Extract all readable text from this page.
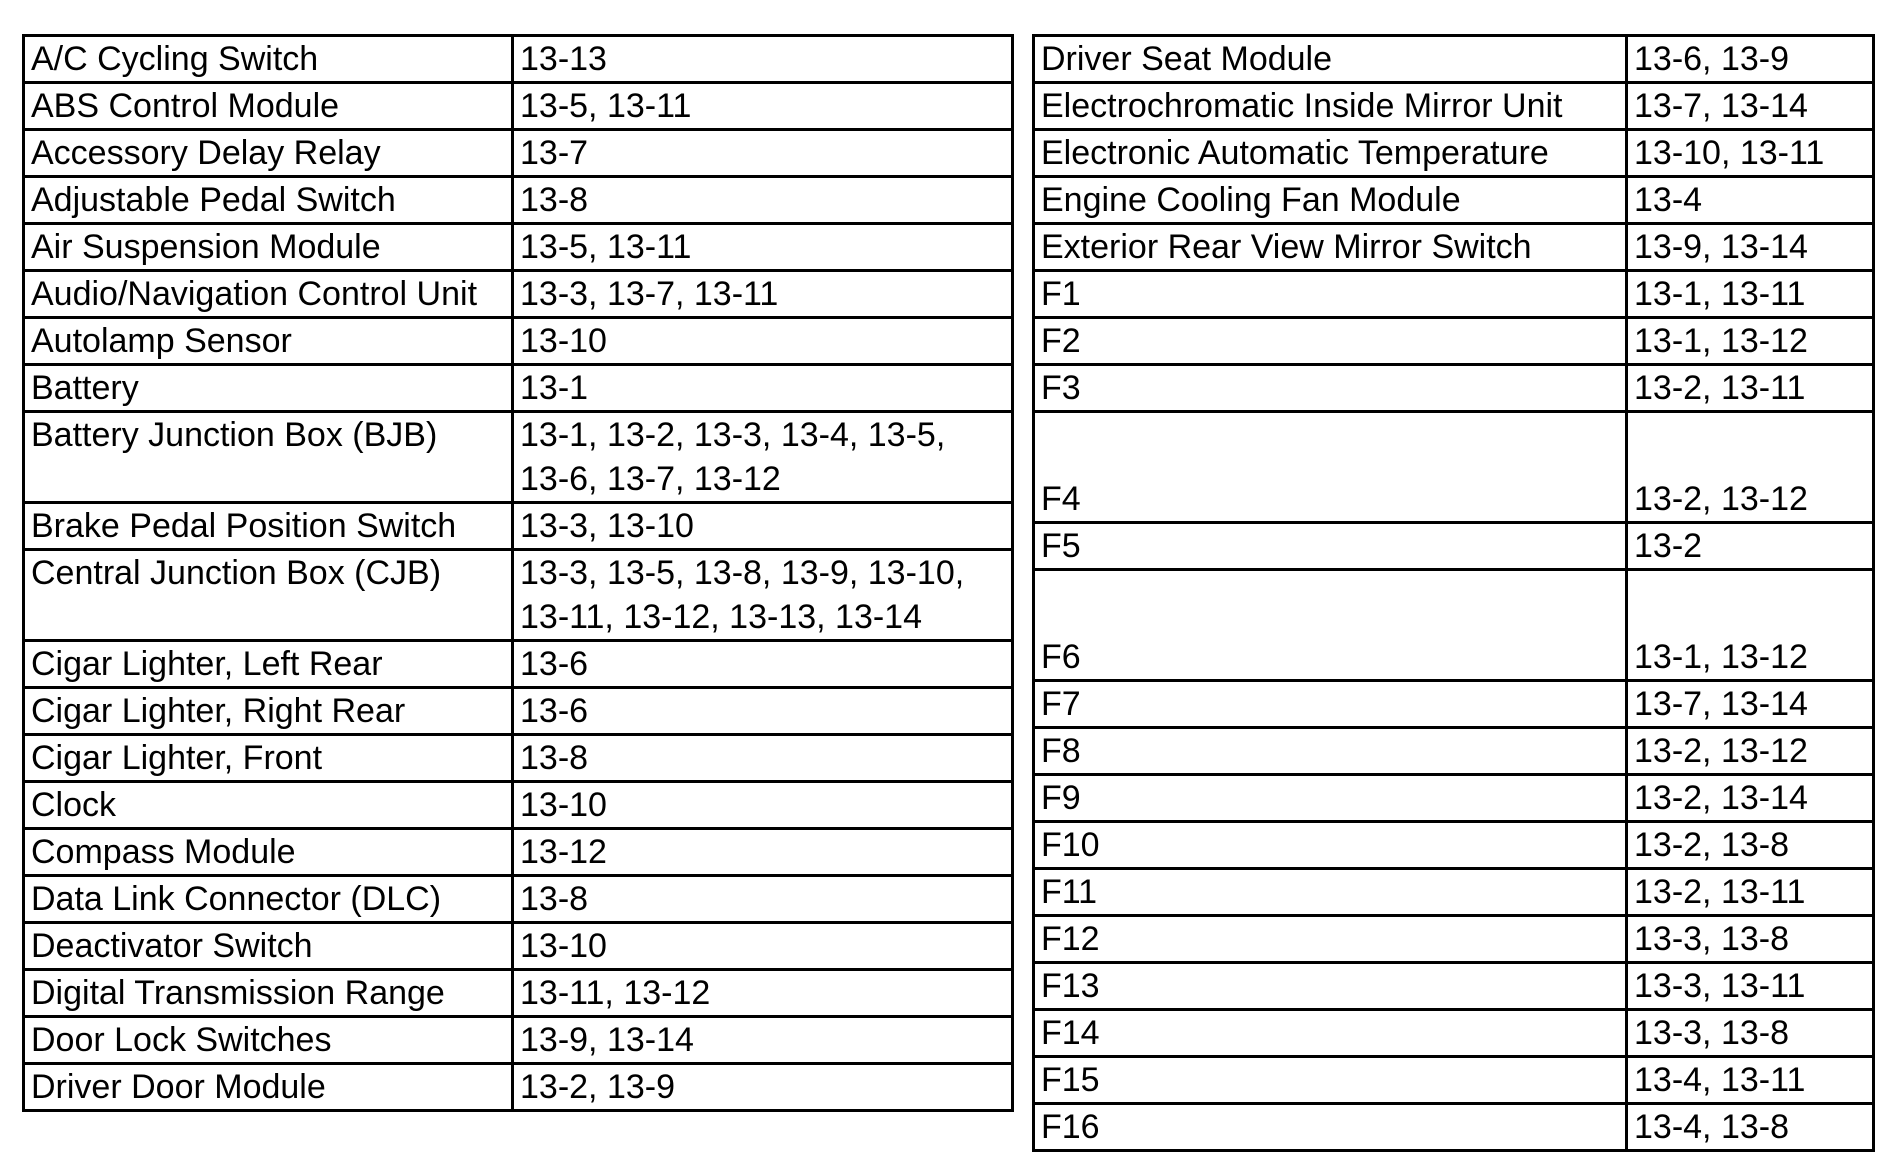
A/C Cycling Switch	13-13

ABS Control Module	13-5, 13-11

Accessory Delay Relay	13-7

Adjustable Pedal Switch	13-8

Air Suspension Module	13-5, 13-11

Audio/Navigation Control Unit	13-3, 13-7, 13-11

Autolamp Sensor	13-10

Battery	13-1

Battery Junction Box (BJB)	13-1, 13-2, 13-3, 13-4, 13-5,
13-6, 13-7, 13-12

Brake Pedal Position Switch	13-3, 13-10

Central Junction Box (CJB)	13-3, 13-5, 13-8, 13-9, 13-10,
13-11, 13-12, 13-13, 13-14

Cigar Lighter, Left Rear	13-6

Cigar Lighter, Right Rear	13-6

Cigar Lighter, Front	13-8

Clock	13-10

Compass Module	13-12

Data Link Connector (DLC)	13-8

Deactivator Switch	13-10

Digital Transmission Range	13-11, 13-12

Door Lock Switches	13-9, 13-14

Driver Door Module	13-2, 13-9
Driver Seat Module	13-6, 13-9
Electrochromatic Inside Mirror Unit	13-7, 13-14
Electronic Automatic Temperature	13-10, 13-11
Engine Cooling Fan Module	13-4
Exterior Rear View Mirror Switch	13-9, 13-14
F1	13-1, 13-11
F2	13-1, 13-12
F3	13-2, 13-11
F4	13-2, 13-12
F5	13-2
F6	13-1, 13-12
F7	13-7, 13-14
F8	13-2, 13-12
F9	13-2, 13-14
F10	13-2, 13-8
F11	13-2, 13-11
F12	13-3, 13-8
F13	13-3, 13-11
F14	13-3, 13-8
F15	13-4, 13-11
F16	13-4, 13-8
